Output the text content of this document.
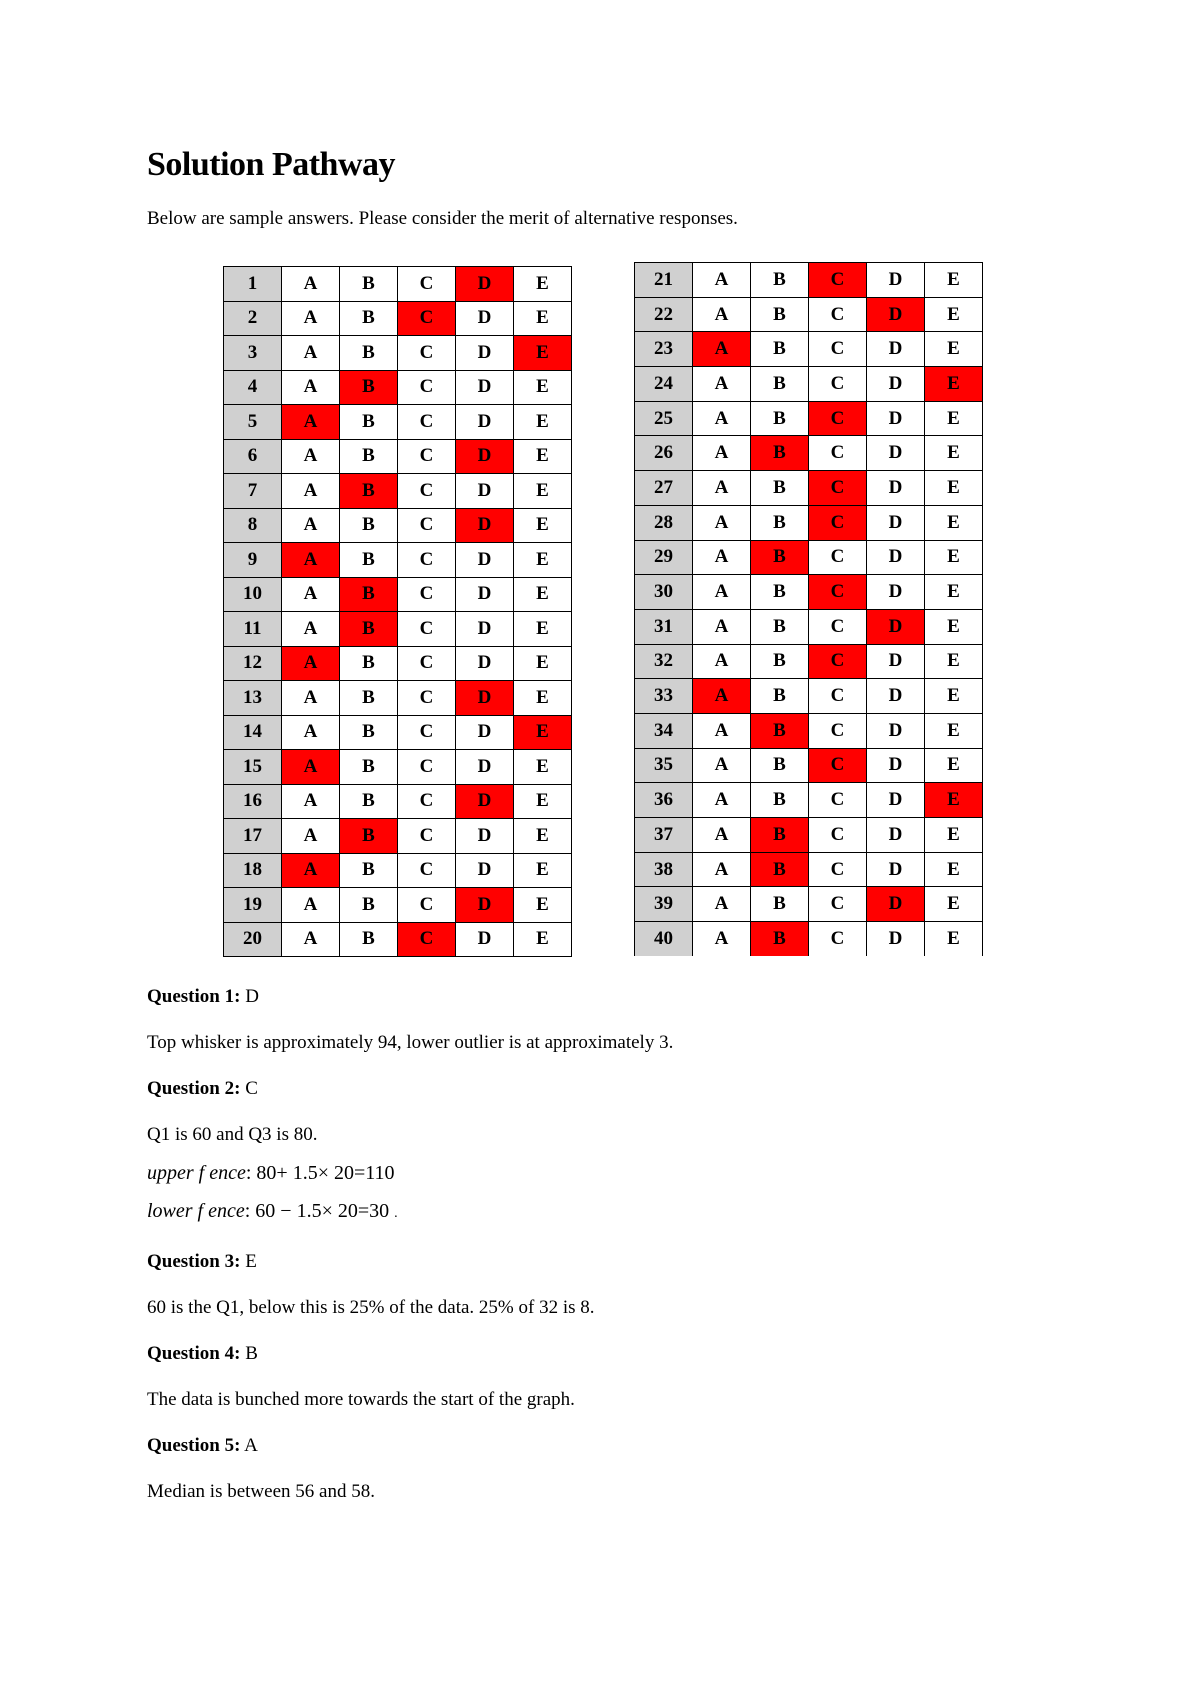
Solution Pathway

Below are sample answers. Please consider the merit of alternative responses.

1	A	B	C	D	E
2	A	B	C	D	E
3	A	B	C	D	E
4	A	B	C	D	E
5	A	B	C	D	E
6	A	B	C	D	E
7	A	B	C	D	E
8	A	B	C	D	E
9	A	B	C	D	E
10	A	B	C	D	E
11	A	B	C	D	E
12	A	B	C	D	E
13	A	B	C	D	E
14	A	B	C	D	E
15	A	B	C	D	E
16	A	B	C	D	E
17	A	B	C	D	E
18	A	B	C	D	E
19	A	B	C	D	E
20	A	B	C	D	E
21	A	B	C	D	E
22	A	B	C	D	E
23	A	B	C	D	E
24	A	B	C	D	E
25	A	B	C	D	E
26	A	B	C	D	E
27	A	B	C	D	E
28	A	B	C	D	E
29	A	B	C	D	E
30	A	B	C	D	E
31	A	B	C	D	E
32	A	B	C	D	E
33	A	B	C	D	E
34	A	B	C	D	E
35	A	B	C	D	E
36	A	B	C	D	E
37	A	B	C	D	E
38	A	B	C	D	E
39	A	B	C	D	E
40	A	B	C	D	E

Question 1: D

Top whisker is approximately 94, lower outlier is at approximately 3.

Question 2: C

Q1 is 60 and Q3 is 80.

upper f ence: 80+ 1.5× 20=110

lower f ence: 60 − 1.5× 20=30 .

Question 3: E

60 is the Q1, below this is 25% of the data. 25% of 32 is 8.

Question 4: B

The data is bunched more towards the start of the graph.

Question 5: A

Median is between 56 and 58.
